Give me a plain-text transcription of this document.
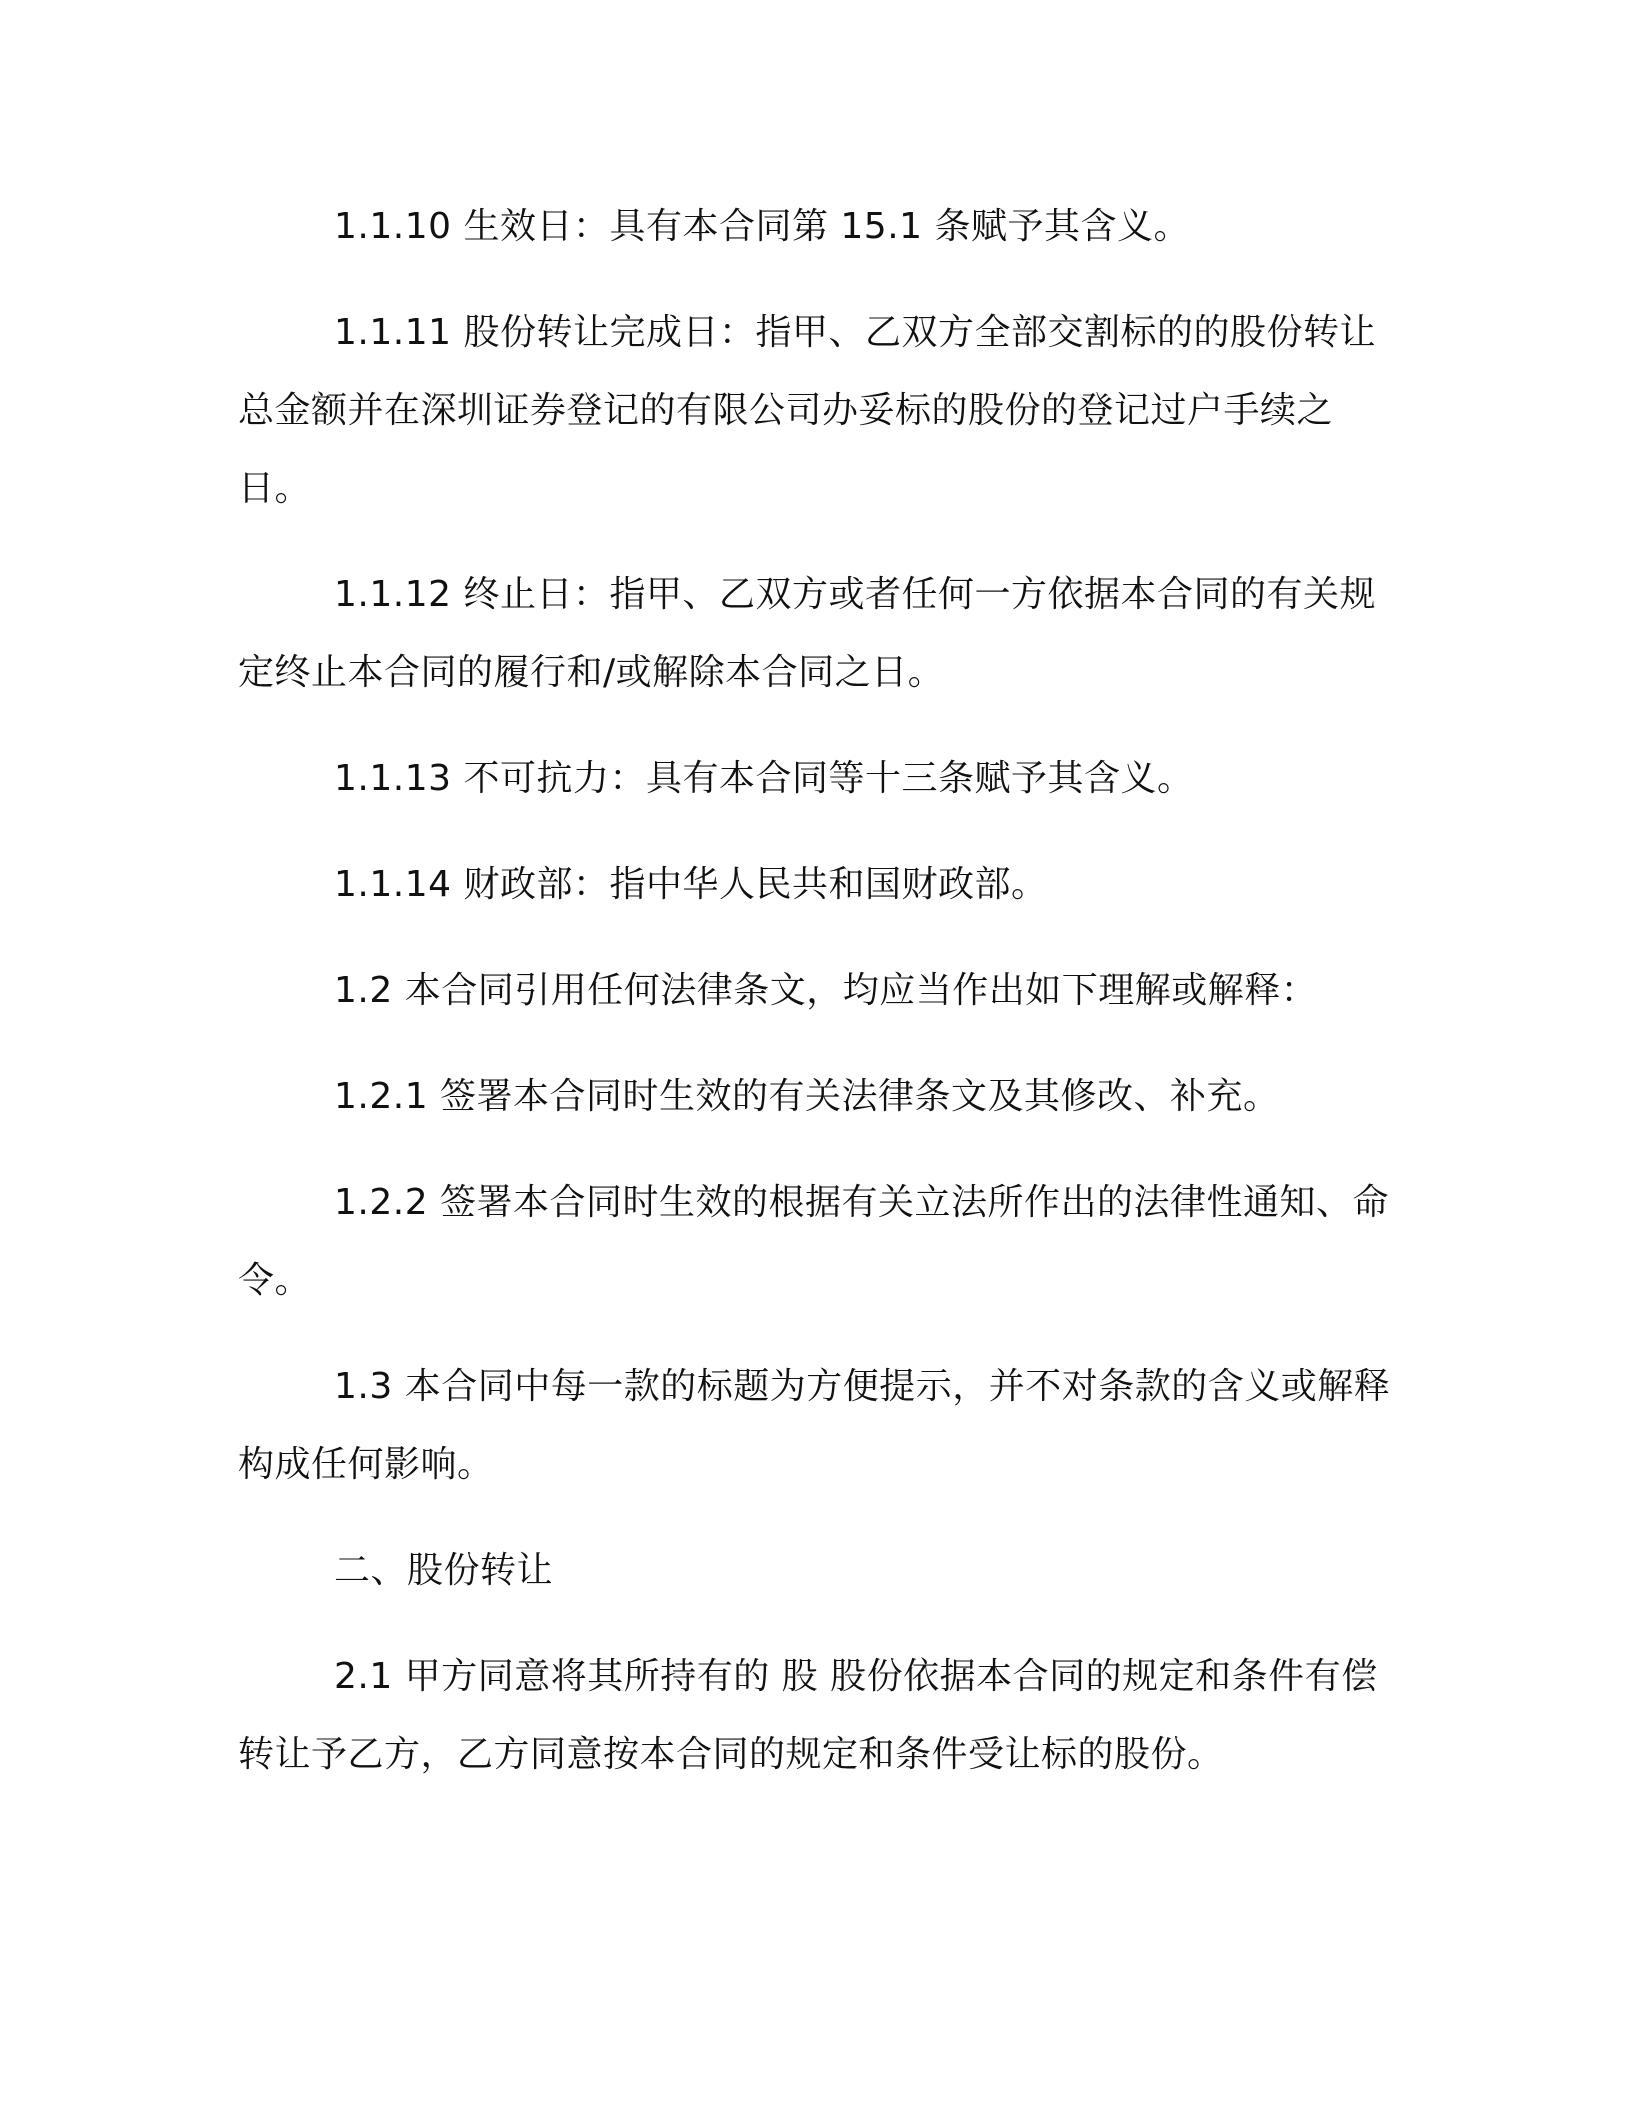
1.1.10 生效日：具有本合同第 15.1 条赋予其含义。

1.1.11 股份转让完成日：指甲、乙双方全部交割标的的股份转让总金额并在深圳证券登记的有限公司办妥标的股份的登记过户手续之日。

1.1.12 终止日：指甲、乙双方或者任何一方依据本合同的有关规定终止本合同的履行和/或解除本合同之日。

1.1.13 不可抗力：具有本合同等十三条赋予其含义。

1.1.14 财政部：指中华人民共和国财政部。

1.2 本合同引用任何法律条文，均应当作出如下理解或解释：

1.2.1 签署本合同时生效的有关法律条文及其修改、补充。

1.2.2 签署本合同时生效的根据有关立法所作出的法律性通知、命令。

1.3 本合同中每一款的标题为方便提示，并不对条款的含义或解释构成任何影响。

二、股份转让

2.1 甲方同意将其所持有的 股 股份依据本合同的规定和条件有偿转让予乙方，乙方同意按本合同的规定和条件受让标的股份。
